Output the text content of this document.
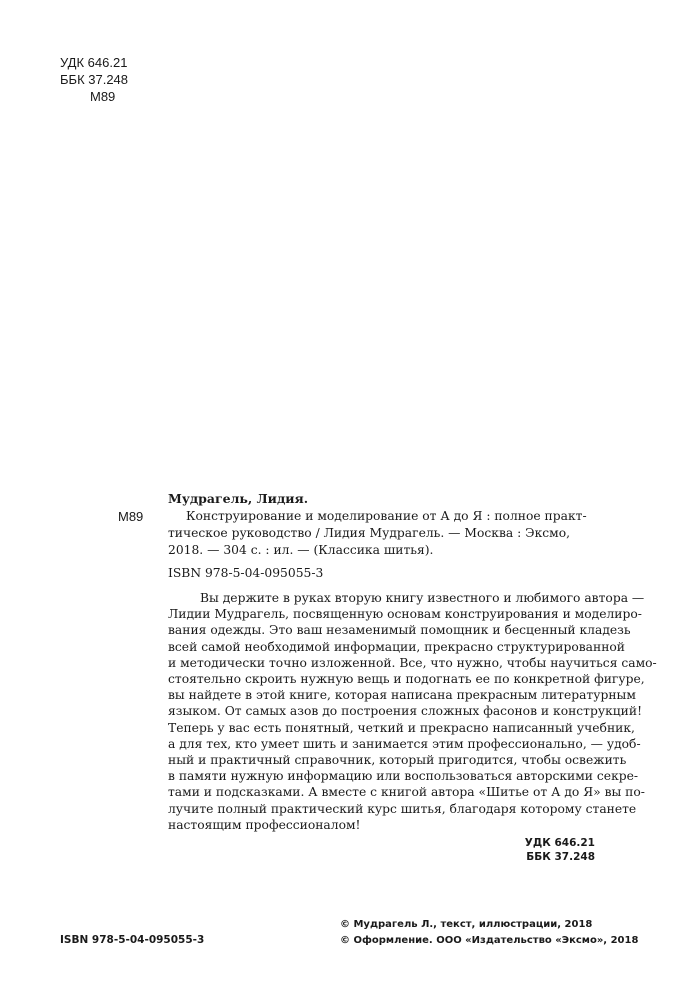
УДК 646.21
ББК 37.248
М89
Мудрагель, Лидия.
М89	Конструирование и моделирование от А до Я : полное практ-
тическое руководство / Лидия Мудрагель. — Москва : Эксмо,
2018. — 304 с. : ил. — (Классика шитья).
ISBN 978-5-04-095055-3
Вы держите в руках вторую книгу известного и любимого автора —
Лидии Мудрагель, посвященную основам конструирования и моделиро-
вания одежды. Это ваш незаменимый помощник и бесценный кладезь
всей самой необходимой информации, прекрасно структурированной
и методически точно изложенной. Все, что нужно, чтобы научиться само-
стоятельно скроить нужную вещь и подогнать ее по конкретной фигуре,
вы найдете в этой книге, которая написана прекрасным литературным
языком. От самых азов до построения сложных фасонов и конструкций!
Теперь у вас есть понятный, четкий и прекрасно написанный учебник,
а для тех, кто умеет шить и занимается этим профессионально, — удоб-
ный и практичный справочник, который пригодится, чтобы освежить
в памяти нужную информацию или воспользоваться авторскими секре-
тами и подсказками. А вместе с книгой автора «Шитье от А до Я» вы по-
лучите полный практический курс шитья, благодаря которому станете
настоящим профессионалом!
УДК 646.21
ББК 37.248
ISBN 978-5-04-095055-3
© Мудрагель Л., текст, иллюстрации, 2018
© Оформление. ООО «Издательство «Эксмо», 2018
